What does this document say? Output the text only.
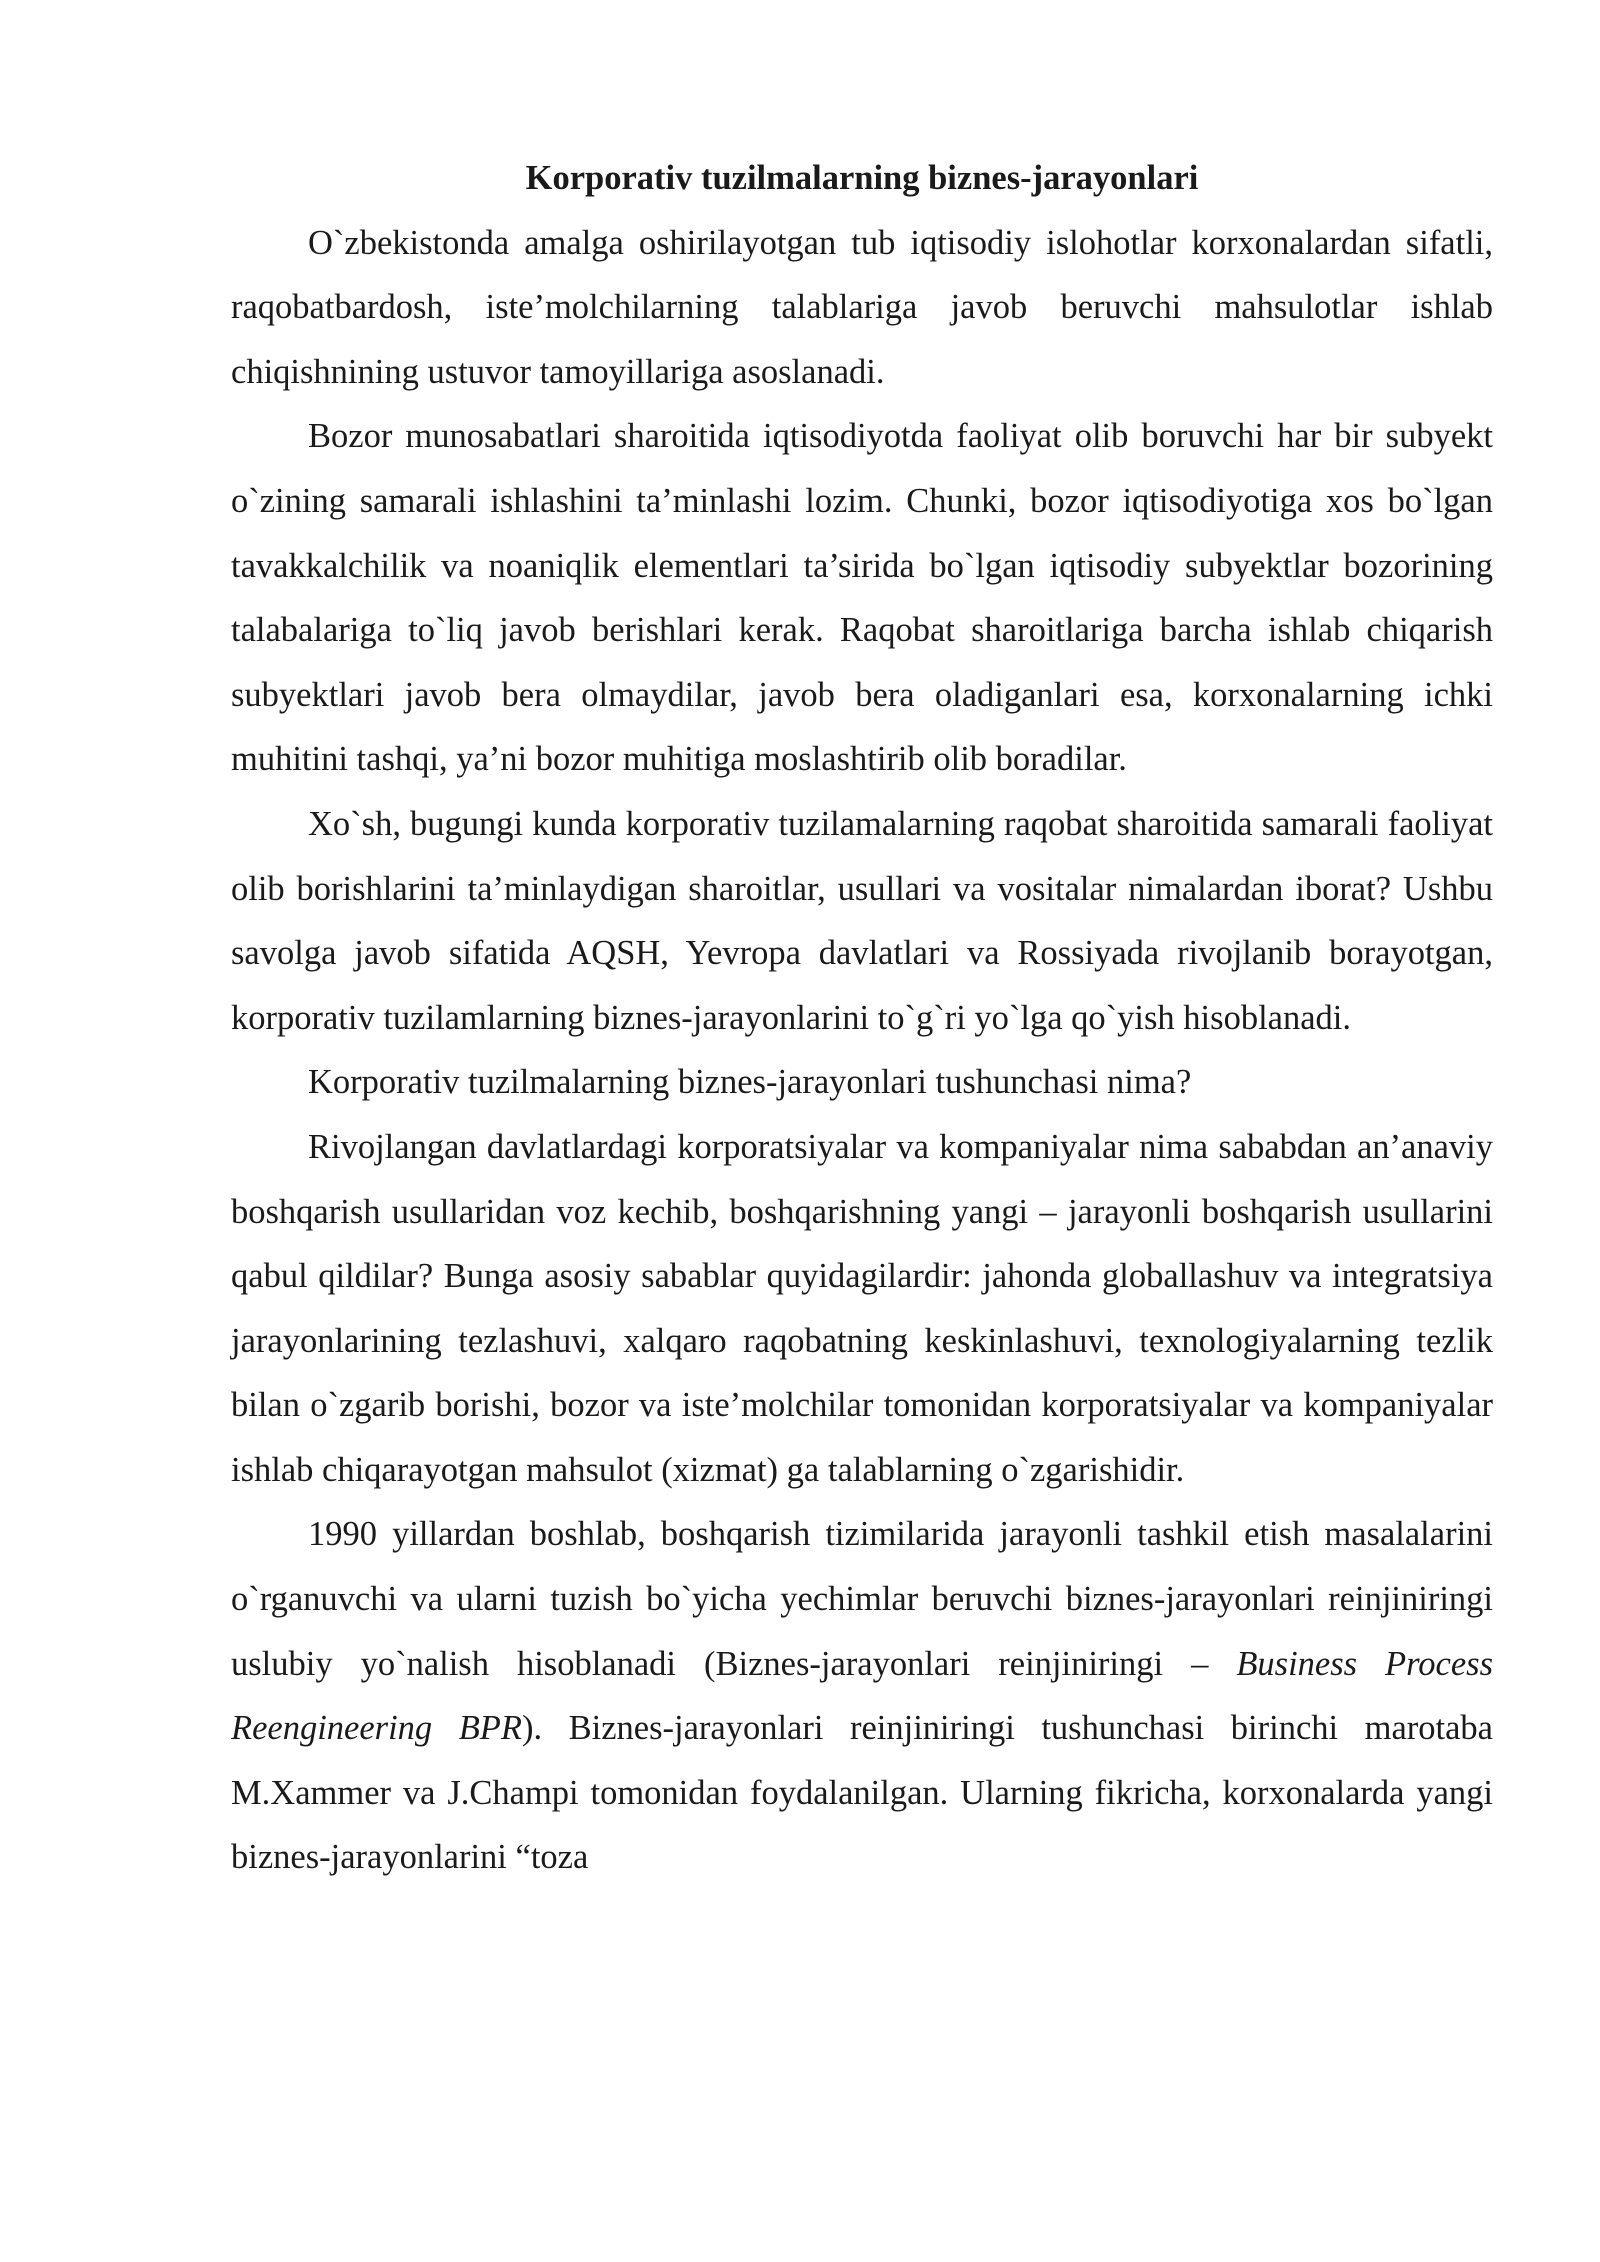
Korporativ tuzilmalarning biznes-jarayonlari

O`zbekistonda amalga oshirilayotgan tub iqtisodiy islohotlar korxonalardan sifatli, raqobatbardosh, iste’molchilarning talablariga javob beruvchi mahsulotlar ishlab chiqishnining ustuvor tamoyillariga asoslanadi.

Bozor munosabatlari sharoitida iqtisodiyotda faoliyat olib boruvchi har bir subyekt o`zining samarali ishlashini ta’minlashi lozim. Chunki, bozor iqtisodiyotiga xos bo`lgan tavakkalchilik va noaniqlik elementlari ta’sirida bo`lgan iqtisodiy subyektlar bozorining talabalariga to`liq javob berishlari kerak. Raqobat sharoitlariga barcha ishlab chiqarish subyektlari javob bera olmaydilar, javob bera oladiganlari esa, korxonalarning ichki muhitini tashqi, ya’ni bozor muhitiga moslashtirib olib boradilar.

Xo`sh, bugungi kunda korporativ tuzilamalarning raqobat sharoitida samarali faoliyat olib borishlarini ta’minlaydigan sharoitlar, usullari va vositalar nimalardan iborat? Ushbu savolga javob sifatida AQSH, Yevropa davlatlari va Rossiyada rivojlanib borayotgan, korporativ tuzilamlarning biznes-jarayonlarini to`g`ri yo`lga qo`yish hisoblanadi.

Korporativ tuzilmalarning biznes-jarayonlari tushunchasi nima?

Rivojlangan davlatlardagi korporatsiyalar va kompaniyalar nima sababdan an’anaviy boshqarish usullaridan voz kechib, boshqarishning yangi – jarayonli boshqarish usullarini qabul qildilar? Bunga asosiy sabablar quyidagilardir: jahonda globallashuv va integratsiya jarayonlarining tezlashuvi, xalqaro raqobatning keskinlashuvi, texnologiyalarning tezlik bilan o`zgarib borishi, bozor va iste’molchilar tomonidan korporatsiyalar va kompaniyalar ishlab chiqarayotgan mahsulot (xizmat) ga talablarning o`zgarishidir.

1990 yillardan boshlab, boshqarish tizimilarida jarayonli tashkil etish masalalarini o`rganuvchi va ularni tuzish bo`yicha yechimlar beruvchi biznes-jarayonlari reinjiniringi uslubiy yo`nalish hisoblanadi (Biznes-jarayonlari reinjiniringi – Business Process Reengineering BPR). Biznes-jarayonlari reinjiniringi tushunchasi birinchi marotaba M.Xammer va J.Champi tomonidan foydalanilgan. Ularning fikricha, korxonalarda yangi biznes-jarayonlarini “toza
